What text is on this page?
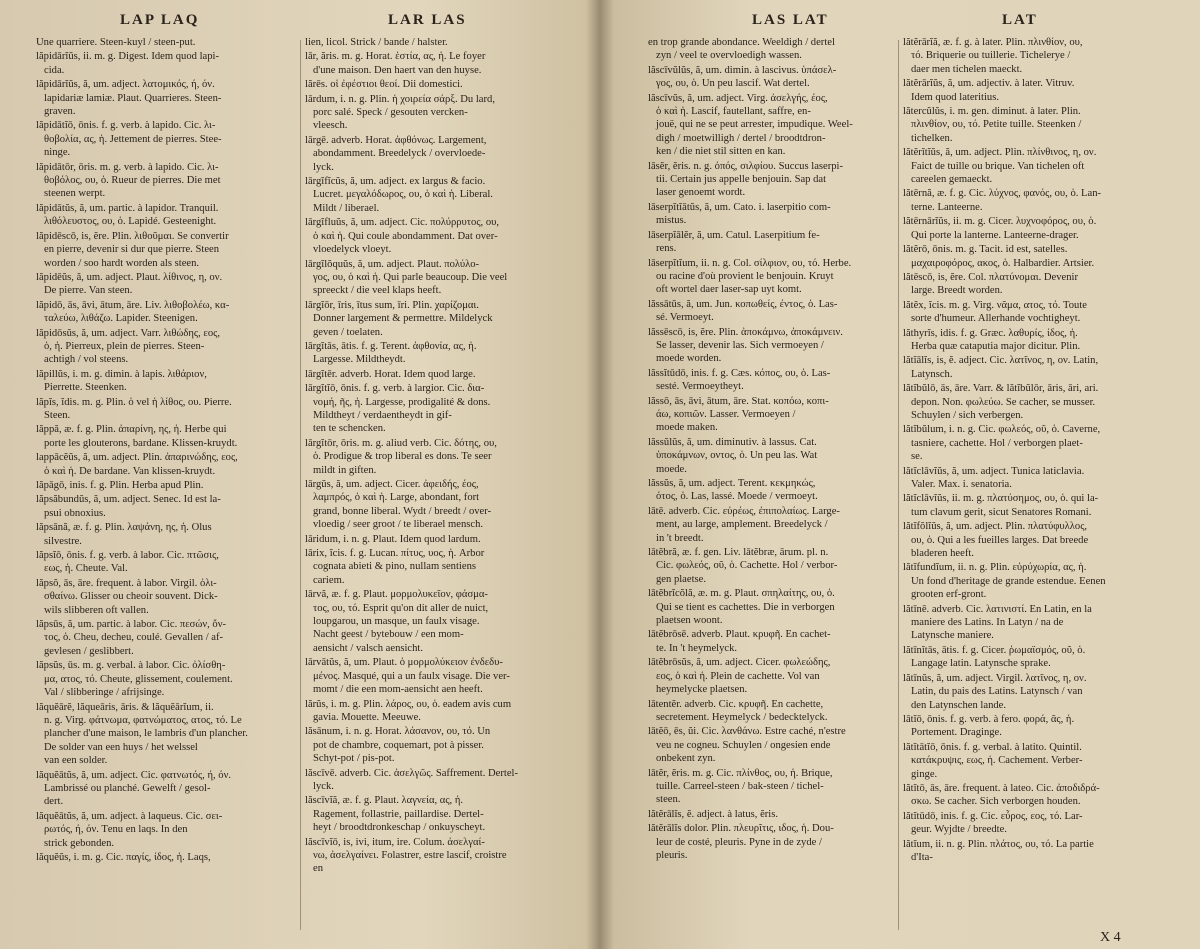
LAP LAQ	LAR LAS	LAS LAT	LAT
Une quarriere. Steen-kuyl / steen-put.
lăpidārĭŭs, ii. m. g. Digest. Idem quod lapi-
cida.
lăpidārĭŭs, ă, um. adject. λατομικός, ή, όν.
lapidariæ lamiæ. Plaut. Quarrieres. Steen-
graven.
lăpidātĭō, ōnis. f. g. verb. à lapido. Cic. λι-
θοβολία, ας, ἡ. Jettement de pierres. Stee-
ninge.
lăpidātōr, ōris. m. g. verb. à lapido. Cic. λι-
θοβόλος, ου, ὁ. Rueur de pierres. Die met
steenen werpt.
lăpidātŭs, ă, um. partic. à lapidor. Tranquil.
λιθόλευστος, ου, ὁ. Lapidé. Gesteenight.
lăpidēscō, is, ĕre. Plin. λιθοῦμαι. Se convertir
en pierre, devenir si dur que pierre. Steen
worden / soo hardt worden als steen.
lăpidēŭs, ă, um. adject. Plaut. λίθινος, η, ον.
De pierre. Van steen.
lăpidō, ās, āvi, ātum, āre. Liv. λιθοβολέω, κα-
ταλεύω, λιθάζω. Lapider. Steenigen.
lăpidōsŭs, ă, um. adject. Varr. λιθώδης, εος,
ὁ, ἡ. Pierreux, plein de pierres. Steen-
achtigh / vol steens.
lăpillŭs, i. m. g. dimin. à lapis. λιθάριον,
Pierrette. Steenken.
lăpĭs, ĭdis. m. g. Plin. ὁ vel ἡ λίθος, ου. Pierre.
Steen.
lăppă, æ. f. g. Plin. ἀπαρίνη, ης, ἡ. Herbe qui
porte les glouterons, bardane. Klissen-kruydt.
lappācĕŭs, ă, um. adject. Plin. ἀπαρινώδης, εος,
ὁ καὶ ἡ. De bardane. Van klissen-kruydt.
lăpāgō, inis. f. g. Plin. Herba apud Plin.
lăpsăbundŭs, ă, um. adject. Senec. Id est la-
psui obnoxius.
lăpsānă, æ. f. g. Plin. λαψάνη, ης, ἡ. Olus
silvestre.
lăpsĭō, ōnis. f. g. verb. à labor. Cic. πτῶσις,
εως, ἡ. Cheute. Val.
lăpsŏ, ās, āre. frequent. à labor. Virgil. ὀλι-
σθαίνω. Glisser ou cheoir souvent. Dick-
wils slibberen oft vallen.
lăpsūs, ă, um. partic. à labor. Cic. πεσών, ὄν-
τος, ὁ. Cheu, decheu, coulé. Gevallen / af-
gevlesen / geslibbert.
lăpsŭs, ūs. m. g. verbal. à labor. Cic. ὀλίσθη-
μα, ατος, τό. Cheute, glissement, coulement.
Val / slibberinge / afrijsinge.
lăquĕārĕ, lăqueāris, āris. & lăquĕārĭum, ii.
n. g. Virg. φάτνωμα, φατνώματος, ατος, τό. Le
plancher d'une maison, le lambris d'un plancher.
De solder van een huys / het welssel
van een solder.
lăquĕātŭs, ă, um. adject. Cic. φατνωτός, ή, όν.
Lambrissé ou planché. Gewelft / gesol-
dert.
lăquĕātŭs, ă, um. adject. à laqueus. Cic. σει-
ρωτός, ή, όν. Τenu en laqs. In den
strick gebonden.
lăquĕŭs, i. m. g. Cic. παγίς, ίδος, ἡ. Laqs,
lien, licol. Strick / bande / halster.
lār, ăris. m. g. Horat. ἑστία, ας, ἡ. Le foyer
d'une maison. Den haert van den huyse.
lărēs. οἱ ἐφέστιοι θεοί. Dii domestici.
lārdum, i. n. g. Plin. ἡ χοιρεία σάρξ. Du lard,
porc salé. Speck / gesouten vercken-
vleesch.
lārgē. adverb. Horat. ἀφθόνως. Largement,
abondamment. Breedelyck / overvloede-
lyck.
lārgĭfĭcŭs, ă, um. adject. ex largus & facio.
Lucret. μεγαλόδωρος, ου, ὁ καὶ ἡ. Liberal.
Mildt / liberael.
lārgĭfluŭs, ă, um. adject. Cic. πολύρρυτος, ου,
ὁ καὶ ἡ. Qui coule abondamment. Dat over-
vloedelyck vloeyt.
lārgĭlŏquŭs, ă, um. adject. Plaut. πολύλο-
γος, ου, ὁ καὶ ἡ. Qui parle beaucoup. Die veel
spreeckt / die veel klaps heeft.
lārgĭōr, īris, ītus sum, īri. Plin. χαρίζομαι.
Donner largement & permettre. Mildelyck
geven / toelaten.
lārgĭtās, ātis. f. g. Terent. ἀφθονία, ας, ἡ.
Largesse. Mildtheydt.
lārgĭtēr. adverb. Horat. Idem quod large.
lārgĭtĭō, ōnis. f. g. verb. à largior. Cic. δια-
νομή, ῆς, ἡ. Largesse, prodigalité & dons.
Mildtheyt / verdaentheydt in gif-
ten te schencken.
lārgĭtōr, ōris. m. g. aliud verb. Cic. δότης, ου,
ὁ. Prodigue & trop liberal es dons. Te seer
mildt in giften.
lārgŭs, ă, um. adject. Cicer. ἀφειδής, έος,
λαμπρός, ὁ καὶ ἡ. Large, abondant, fort
grand, bonne liberal. Wydt / breedt / over-
vloedig / seer groot / te liberael mensch.
lāridum, i. n. g. Plaut. Idem quod lardum.
lārix, ĭcis. f. g. Lucan. πίτυς, υος, ἡ. Arbor
cognata abieti & pino, nullam sentiens
cariem.
lārvă, æ. f. g. Plaut. μορμολυκεῖον, φάσμα-
τος, ου, τό. Esprit qu'on dit aller de nuict,
loupgarou, un masque, un faulx visage.
Nacht geest / bytebouw / een mom-
aensicht / valsch aensicht.
lārvātŭs, ă, um. Plaut. ὁ μορμολύκειον ἐνδεδυ-
μένος. Masqué, qui a un faulx visage. Die ver-
momt / die een mom-aensicht aen heeft.
lărŭs, i. m. g. Plin. λάρος, ου, ὁ. eadem avis cum
gavia. Mouette. Meeuwe.
lăsānum, i. n. g. Horat. λάσανον, ου, τό. Un
pot de chambre, coquemart, pot à pisser.
Schyt-pot / pis-pot.
lăscīvē. adverb. Cic. ἀσελγῶς. Saffrement. Dertel-
lyck.
lăscīvĭă, æ. f. g. Plaut. λαγνεία, ας, ἡ.
Ragement, follastrie, paillardise. Dertel-
heyt / broodtdronkeschap / onkuyscheyt.
lăscīvĭō, is, ivi, itum, ire. Colum. ἀσελγαί-
νω, ἀσελγαίνει. Folastrer, estre lascif, croistre
en
en trop grande abondance. Weeldigh / dertel
zyn / veel te overvloedigh wassen.
lăscīvŭlŭs, ă, um. dimin. à lascivus. ὑπάσελ-
γος, ου, ὁ. Un peu lascif. Wat dertel.
lăscīvŭs, ă, um. adject. Virg. ἀσελγής, έος,
ὁ καὶ ἡ. Lascif, fautellant, saffre, en-
jouë, qui ne se peut arrester, impudique. Weel-
digh / moetwilligh / dertel / broodtdron-
ken / die niet stil sitten en kan.
lāsĕr, ĕris. n. g. ὀπός, σιλφίου. Succus laserpi-
tii. Certain jus appelle benjouin. Sap dat
laser genoemt wordt.
lāserpĭtĭātŭs, ă, um. Cato. i. laserpitio com-
mistus.
lāserpĭālĕr, ă, um. Catul. Laserpitium fe-
rens.
lāserpĭtĭum, ii. n. g. Col. σίλφιον, ου, τό. Herbe.
ou racine d'où provient le benjouin. Kruyt
oft wortel daer laser-sap uyt komt.
lăssātŭs, ă, um. Jun. κοπωθείς, έντος, ὁ. Las-
sé. Vermoeyt.
lăssēscō, is, ĕre. Plin. ἀποκάμνω, ἀποκάμνειν.
Se lasser, devenir las. Sich vermoeyen /
moede worden.
lăssĭtūdō, inis. f. g. Cæs. κόπος, ου, ὁ. Las-
sesté. Vermoeytheyt.
lăssō, ās, āvi, ātum, āre. Stat. κοπόω, κοπι-
άω, κοπιῶν. Lasser. Vermoeyen /
moede maken.
lăssŭlŭs, ă, um. diminutiv. à lassus. Cat.
ὑποκάμνων, οντος, ὁ. Un peu las. Wat
moede.
lăssŭs, ă, um. adject. Terent. κεκμηκώς,
ότος, ὁ. Las, lassé. Moede / vermoeyt.
lātē. adverb. Cic. εὐρέως, ἐπιπολαίως. Large-
ment, au large, amplement. Breedelyck /
in 't breedt.
lātĕbră, æ. f. gen. Liv. lātĕbræ, ārum. pl. n.
Cic. φωλεός, οῦ, ὁ. Cachette. Hol / verbor-
gen plaetse.
lātĕbrĭcŏlă, æ. m. g. Plaut. σπηλαίτης, ου, ὁ.
Qui se tient es cachettes. Die in verborgen
plaetsen woont.
lātĕbrōsē. adverb. Plaut. κρυφῆ. En cachet-
te. In 't heymelyck.
lātĕbrōsŭs, ă, um. adject. Cicer. φωλεώδης,
εος, ὁ καὶ ἡ. Plein de cachette. Vol van
heymelycke plaetsen.
lātentĕr. adverb. Cic. κρυφῆ. En cachette,
secretement. Heymelyck / bedecktelyck.
lātĕō, ēs, ŭi. Cic. λανθάνω. Estre caché, n'estre
veu ne cogneu. Schuylen / ongesien ende
onbekent zyn.
lātĕr, ĕris. m. g. Cic. πλίνθος, ου, ἡ. Brique,
tuille. Carreel-steen / bak-steen / tichel-
steen.
lătĕrālĭs, ĕ. adject. à latus, ĕris.
lătĕrālĭs dolor. Plin. πλευρῖτις, ιδος, ἡ. Dou-
leur de costé, pleuris. Pyne in de zyde /
pleuris.
lătĕrārĭă, æ. f. g. à later. Plin. πλινθίον, ου,
τό. Briquerie ou tuillerie. Tichelerye /
daer men tichelen maeckt.
lătĕrārĭŭs, ă, um. adjectiv. à later. Vitruv.
Idem quod lateritius.
lătercŭlŭs, i. m. gen. diminut. à later. Plin.
πλινθίον, ου, τό. Petite tuille. Steenken /
tichelken.
lătĕrĭtĭŭs, ă, um. adject. Plin. πλίνθινος, η, ον.
Faict de tuille ou brique. Van tichelen oft
careelen gemaeckt.
lătērnă, æ. f. g. Cic. λύχνος, φανός, ου, ὁ. Lan-
terne. Lanteerne.
lătērnārĭŭs, ii. m. g. Cicer. λυχνοφόρος, ου, ὁ.
Qui porte la lanterne. Lanteerne-drager.
lătĕrō, ōnis. m. g. Tacit. id est, satelles.
μαχαιροφόρος, ακος, ὁ. Halbardier. Artsier.
lătēscō, is, ĕre. Col. πλατύνομαι. Devenir
large. Breedt worden.
lătĕx, ĭcis. m. g. Virg. νᾶμα, ατος, τό. Toute
sorte d'humeur. Allerhande vochtigheyt.
lăthyrĭs, idis. f. g. Græc. λαθυρίς, ίδος, ἡ.
Herba quæ cataputia major dicitur. Plin.
lătĭālĭs, is, ĕ. adject. Cic. λατῖνος, η, ον. Latin,
Latynsch.
lătĭbŭlō, ās, āre. Varr. & lătĭbŭlōr, āris, āri, ari.
depon. Non. φωλεύω. Se cacher, se musser.
Schuylen / sich verbergen.
lătĭbŭlum, i. n. g. Cic. φωλεός, οῦ, ὁ. Caverne,
tasniere, cachette. Hol / verborgen plaet-
se.
lătĭclāvĭŭs, ă, um. adject. Tunica laticlavia.
Valer. Max. i. senatoria.
lătĭclāvĭŭs, ii. m. g. πλατύσημος, ου, ὁ. qui la-
tum clavum gerit, sicut Senatores Romani.
lătĭfŏlĭŭs, ă, um. adject. Plin. πλατύφυλλος,
ου, ὁ. Qui a les fueilles larges. Dat breede
bladeren heeft.
lătĭfundĭum, ii. n. g. Plin. εὐρύχωρία, ας, ἡ.
Un fond d'heritage de grande estendue. Eenen
grooten erf-gront.
lătīnē. adverb. Cic. λατινιστί. En Latin, en la
maniere des Latins. In Latyn / na de
Latynsche maniere.
lătīnĭtās, ātis. f. g. Cicer. ῥωμαϊσμός, οῦ, ὁ.
Langage latin. Latynsche sprake.
lătīnŭs, ă, um. adject. Virgil. λατῖνος, η, ον.
Latin, du pais des Latins. Latynsch / van
den Latynschen lande.
lātĭō, ōnis. f. g. verb. à fero. φορά, ᾶς, ἡ.
Portement. Draginge.
lătĭtātĭō, ōnis. f. g. verbal. à latito. Quintil.
κατάκρυψις, εως, ἡ. Cachement. Verber-
ginge.
lătĭtō, ās, āre. frequent. à lateo. Cic. ἀποδιδρά-
σκω. Se cacher. Sich verborgen houden.
lătĭtūdō, inis. f. g. Cic. εὖρος, εος, τό. Lar-
geur. Wyjdte / breedte.
lătĭum, ii. n. g. Plin. πλάτος, ου, τό. La partie
d'Ita-
X 4
